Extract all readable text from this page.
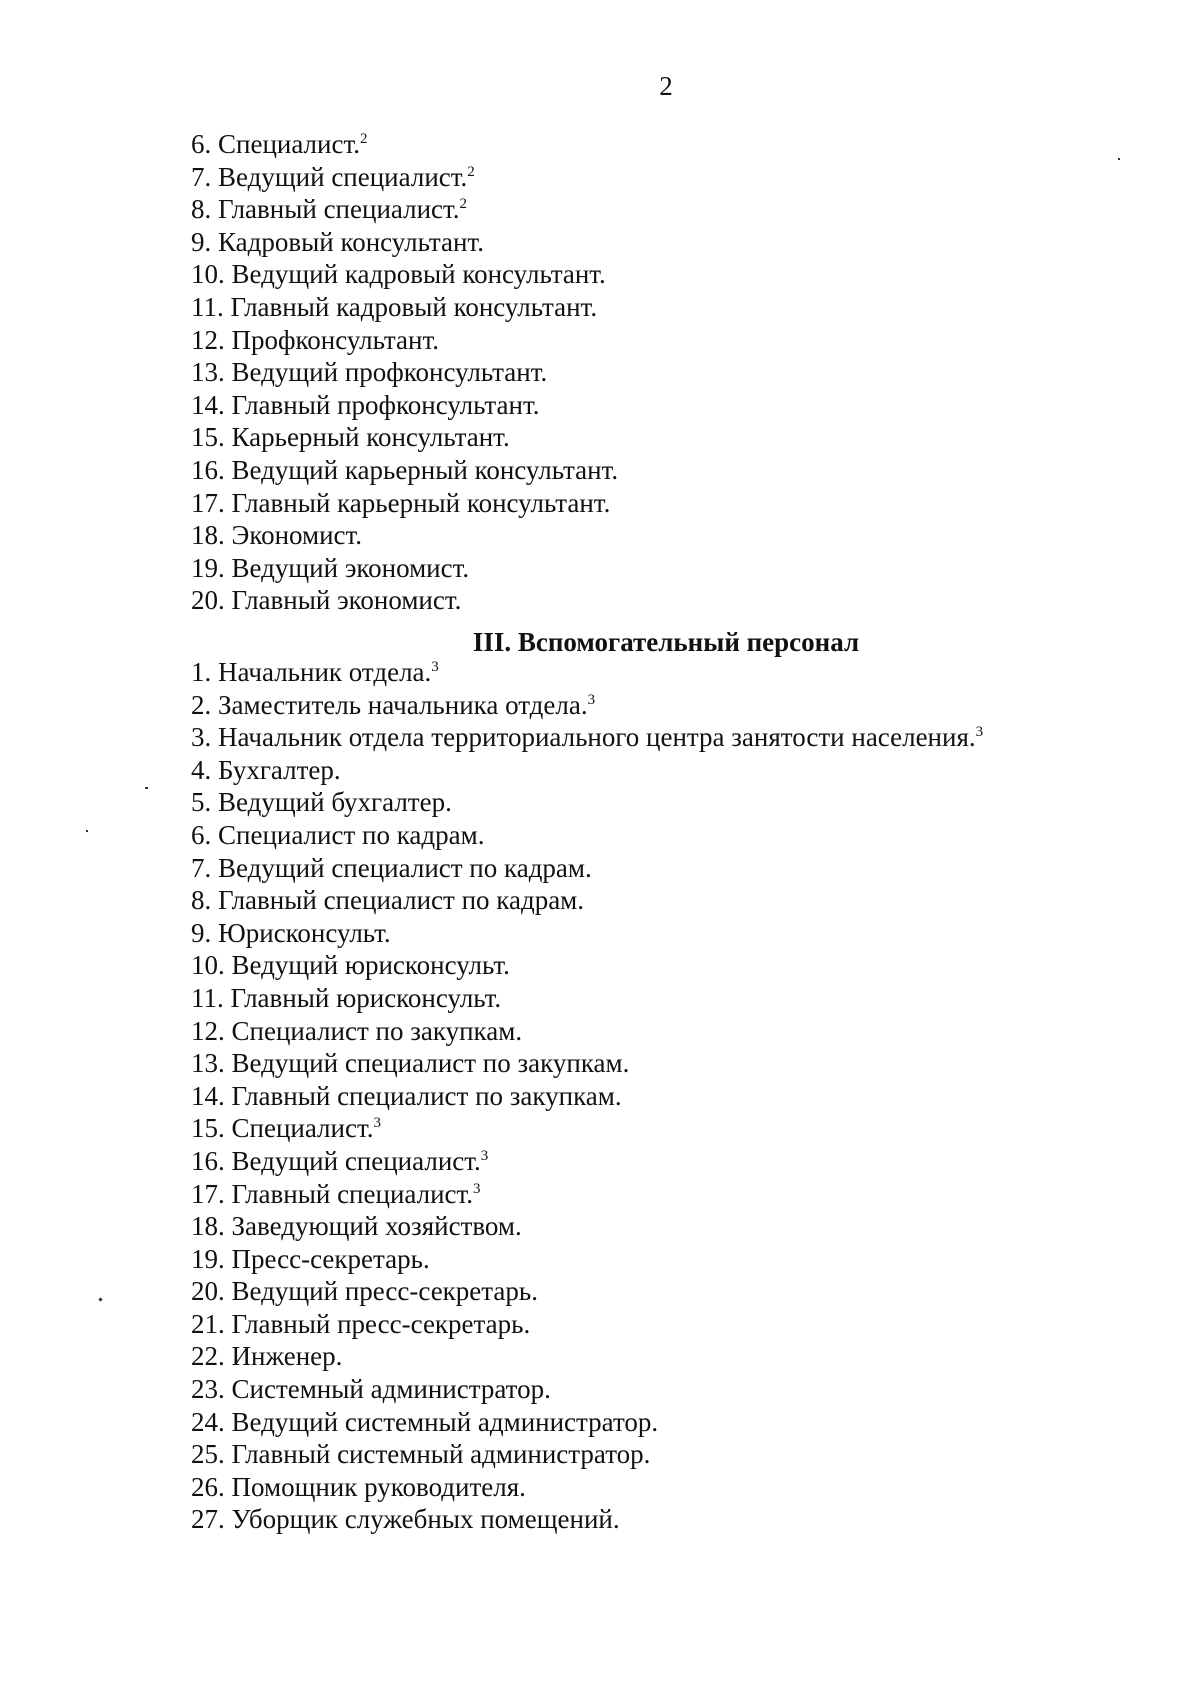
2
6. Специалист.$^2$
7. Ведущий специалист.$^2$
8. Главный специалист.$^2$
9. Кадровый консультант.
10. Ведущий кадровый консультант.
11. Главный кадровый консультант.
12. Профконсультант.
13. Ведущий профконсультант.
14. Главный профконсультант.
15. Карьерный консультант.
16. Ведущий карьерный консультант.
17. Главный карьерный консультант.
18. Экономист.
19. Ведущий экономист.
20. Главный экономист.
III. Вспомогательный персонал
1. Начальник отдела.$^3$
2. Заместитель начальника отдела.$^3$
3. Начальник отдела территориального центра занятости населения.$^3$
4. Бухгалтер.
5. Ведущий бухгалтер.
6. Специалист по кадрам.
7. Ведущий специалист по кадрам.
8. Главный специалист по кадрам.
9. Юрисконсульт.
10. Ведущий юрисконсульт.
11. Главный юрисконсульт.
12. Специалист по закупкам.
13. Ведущий специалист по закупкам.
14. Главный специалист по закупкам.
15. Специалист.$^3$
16. Ведущий специалист.$^3$
17. Главный специалист.$^3$
18. Заведующий хозяйством.
19. Пресс-секретарь.
20. Ведущий пресс-секретарь.
21. Главный пресс-секретарь.
22. Инженер.
23. Системный администратор.
24. Ведущий системный администратор.
25. Главный системный администратор.
26. Помощник руководителя.
27. Уборщик служебных помещений.
